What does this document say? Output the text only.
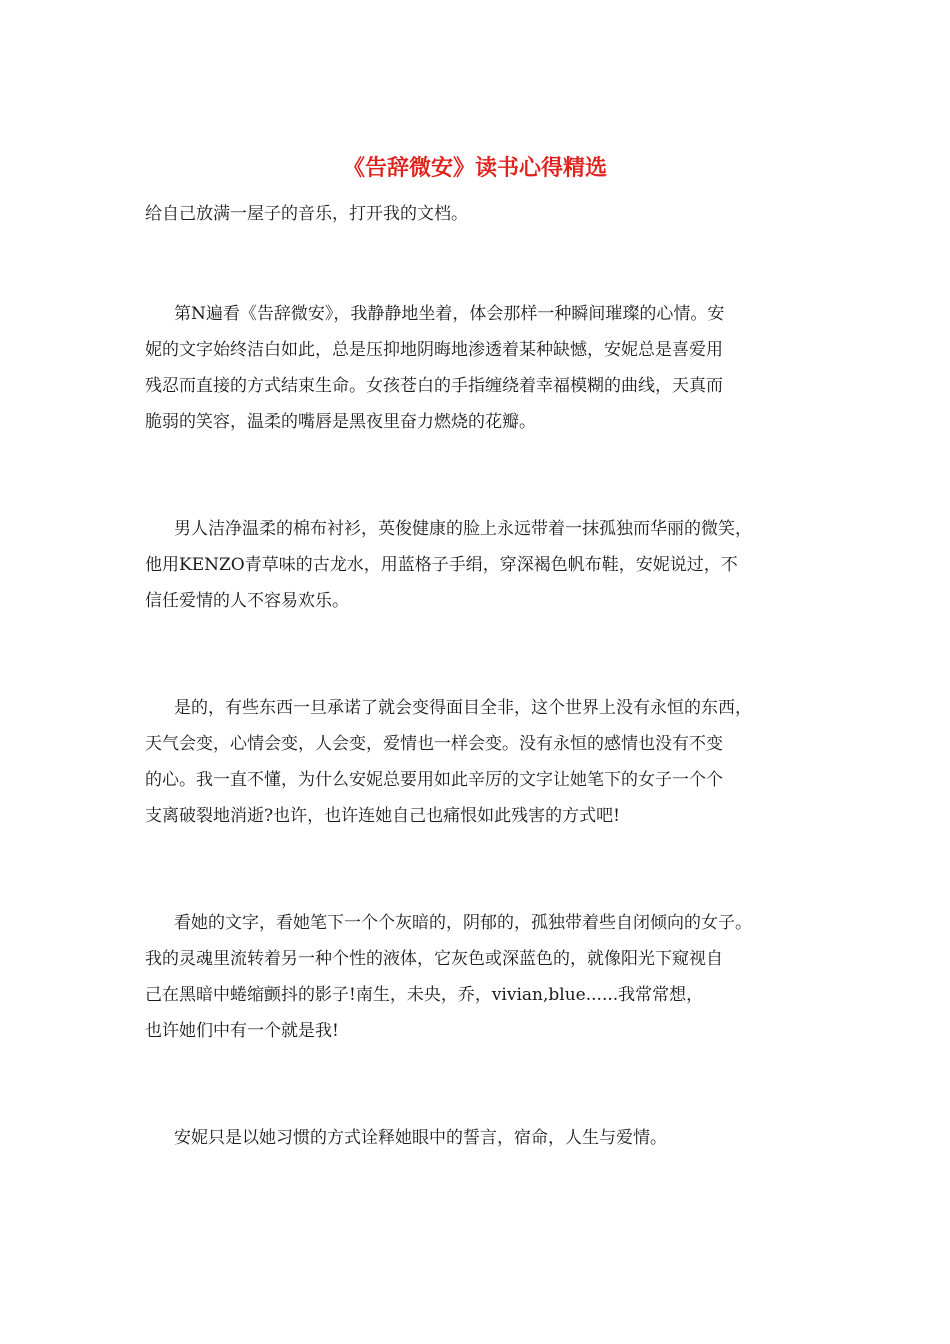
《告辞微安》读书心得精选
给自己放满一屋子的音乐，打开我的文档。
第N遍看《告辞微安》，我静静地坐着，体会那样一种瞬间璀璨的心情。安
妮的文字始终洁白如此，总是压抑地阴晦地渗透着某种缺憾，安妮总是喜爱用
残忍而直接的方式结束生命。女孩苍白的手指缠绕着幸福模糊的曲线，天真而
脆弱的笑容，温柔的嘴唇是黑夜里奋力燃烧的花瓣。
男人洁净温柔的棉布衬衫，英俊健康的脸上永远带着一抹孤独而华丽的微笑，
他用KENZO青草味的古龙水，用蓝格子手绢，穿深褐色帆布鞋，安妮说过，不
信任爱情的人不容易欢乐。
是的，有些东西一旦承诺了就会变得面目全非，这个世界上没有永恒的东西，
天气会变，心情会变，人会变，爱情也一样会变。没有永恒的感情也没有不变
的心。我一直不懂，为什么安妮总要用如此辛厉的文字让她笔下的女子一个个
支离破裂地消逝?也许，也许连她自己也痛恨如此残害的方式吧!
看她的文字，看她笔下一个个灰暗的，阴郁的，孤独带着些自闭倾向的女子。
我的灵魂里流转着另一种个性的液体，它灰色或深蓝色的，就像阳光下窥视自
己在黑暗中蜷缩颤抖的影子!南生，未央，乔，vivian,blue......我常常想，
也许她们中有一个就是我!
安妮只是以她习惯的方式诠释她眼中的誓言，宿命，人生与爱情。
